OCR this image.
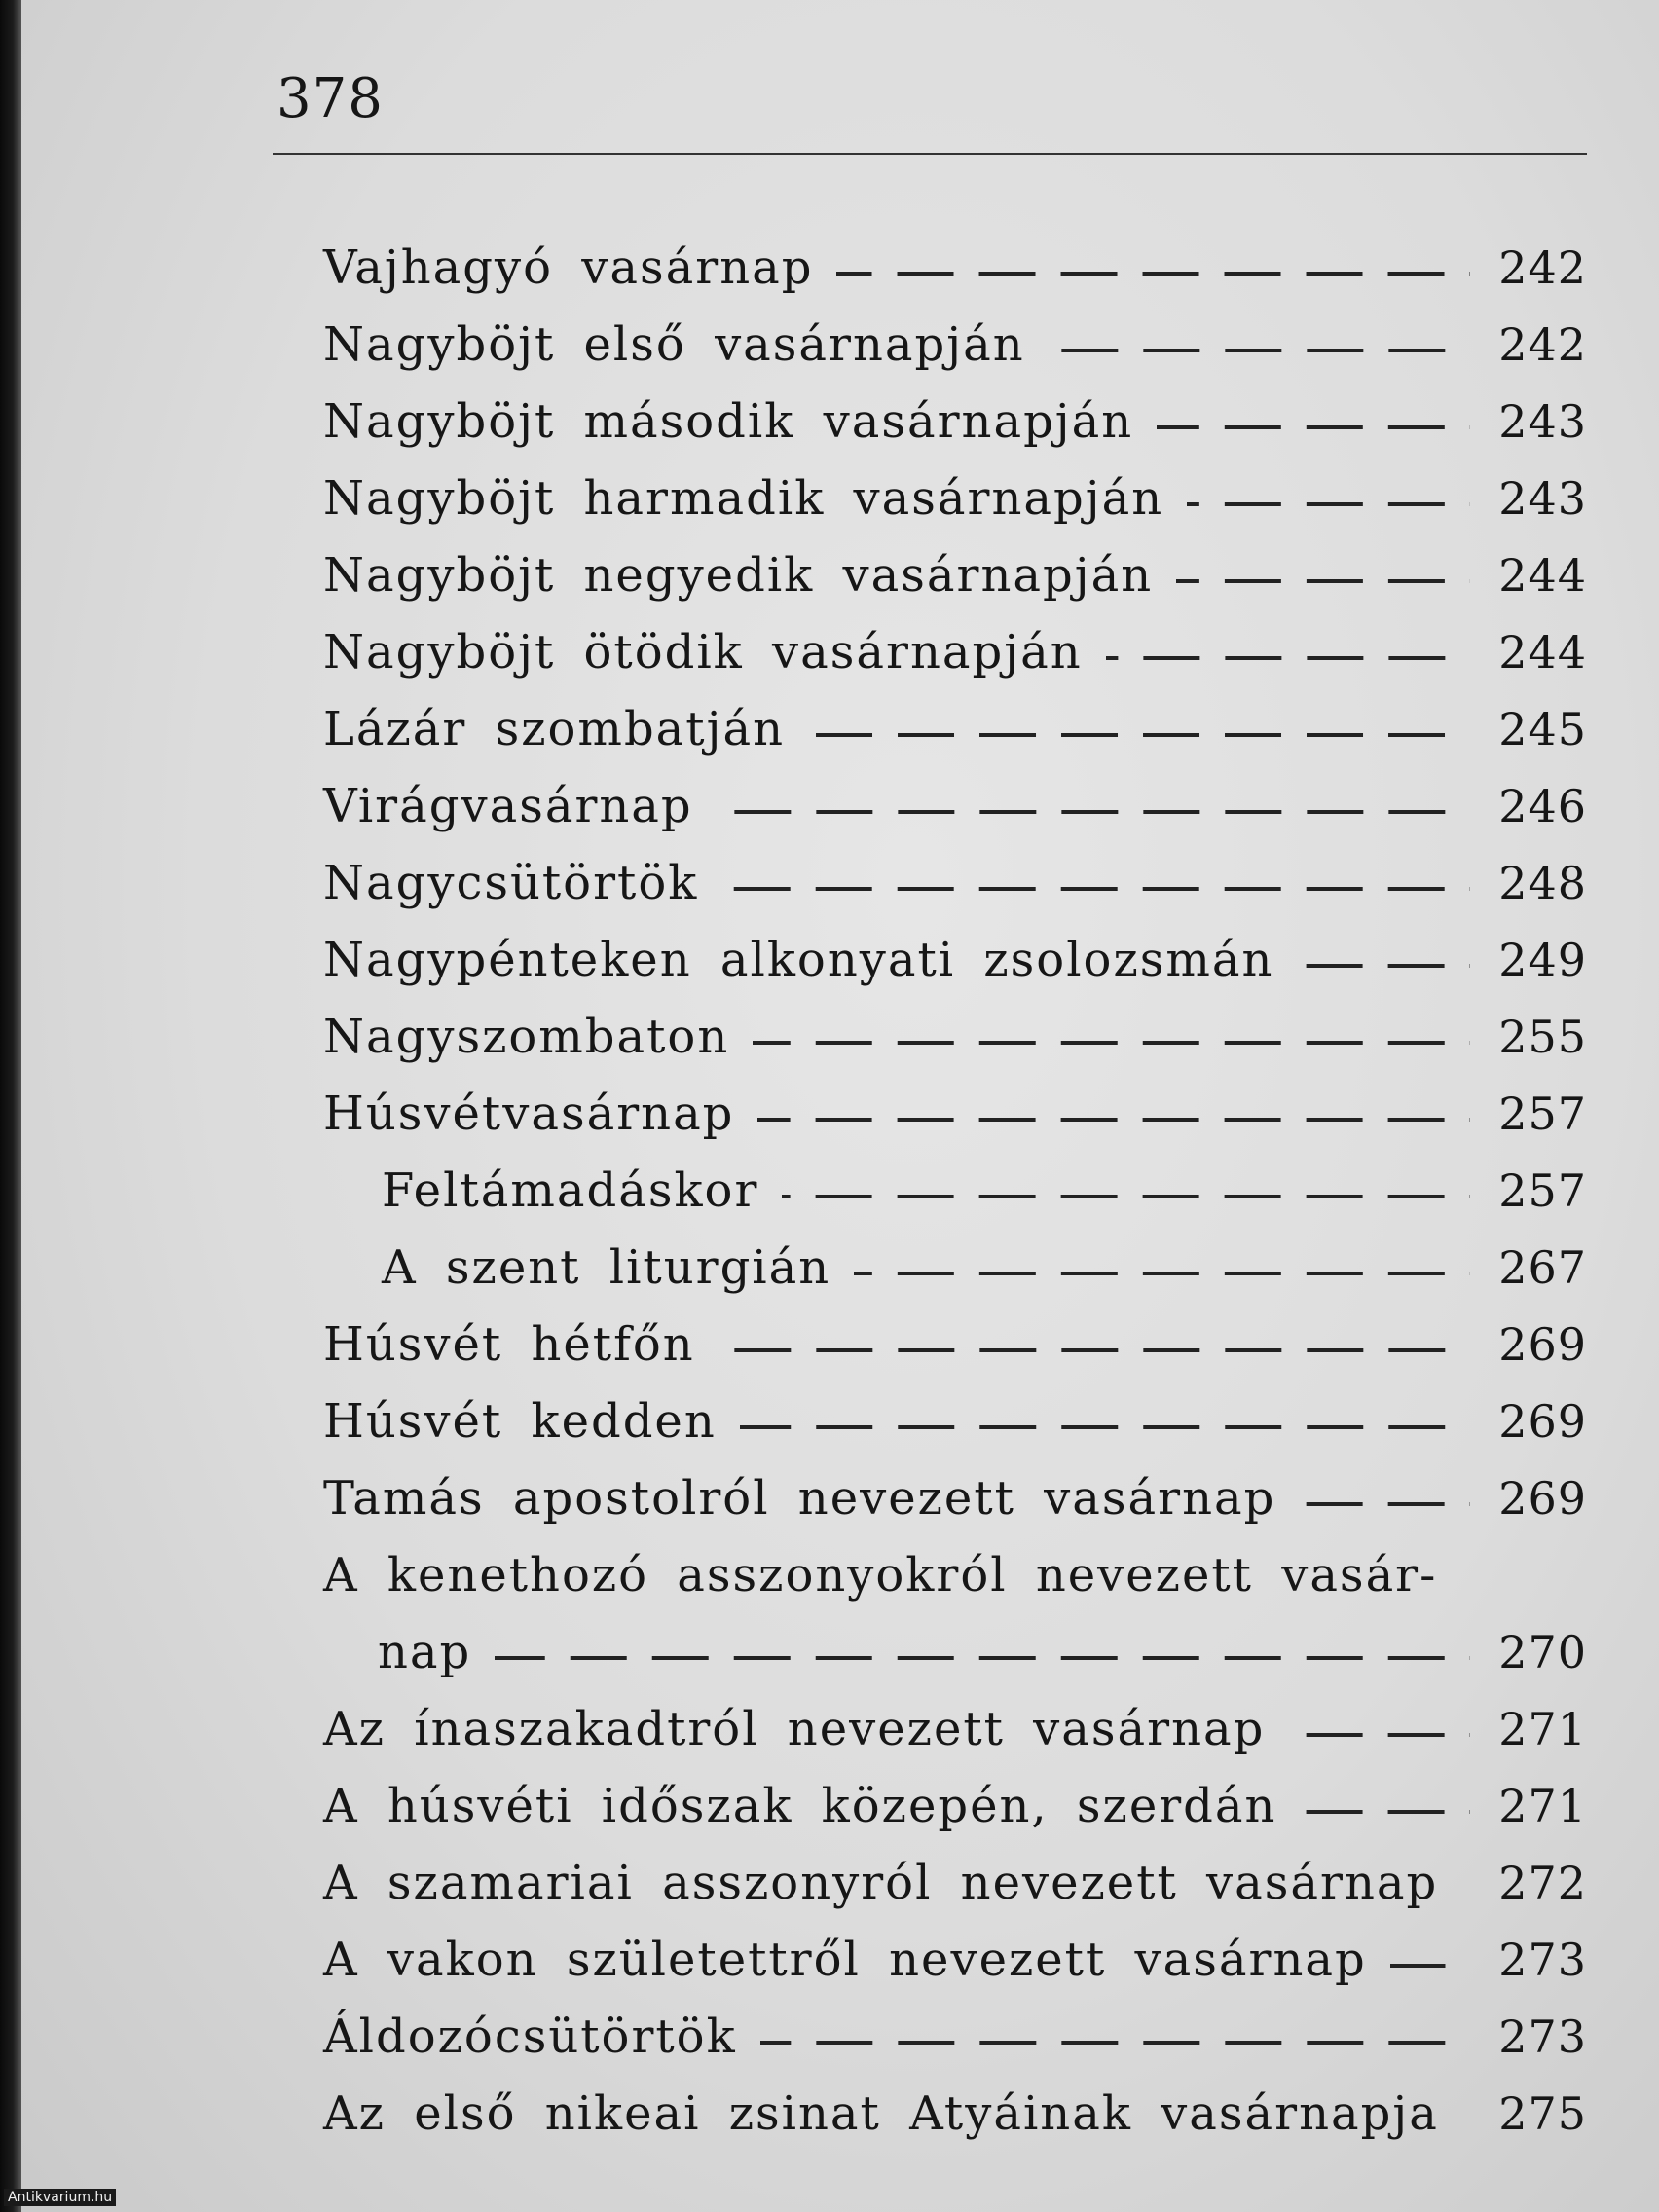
378
Vajhagyó vasárnap	242
Nagyböjt első vasárnapján	242
Nagyböjt második vasárnapján	243
Nagyböjt harmadik vasárnapján	243
Nagyböjt negyedik vasárnapján	244
Nagyböjt ötödik vasárnapján	244
Lázár szombatján	245
Virágvasárnap	246
Nagycsütörtök	248
Nagypénteken alkonyati zsolozsmán	249
Nagyszombaton	255
Húsvétvasárnap	257
Feltámadáskor	257
A szent liturgián	267
Húsvét hétfőn	269
Húsvét kedden	269
Tamás apostolról nevezett vasárnap	269
A kenethozó asszonyokról nevezett vasár-
nap	270
Az ínaszakadtról nevezett vasárnap	271
A húsvéti időszak közepén, szerdán	271
A szamariai asszonyról nevezett vasárnap 272
A vakon születettről nevezett vasárnap	273
Áldozócsütörtök	273
Az első nikeai zsinat Atyáinak vasárnapja 275
Antikvarium.hu
